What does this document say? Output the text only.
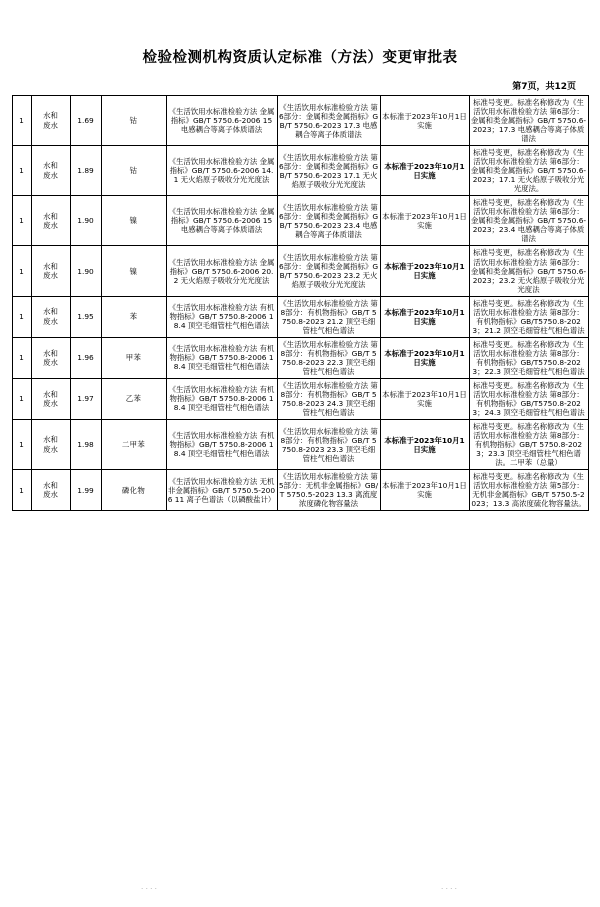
检验检测机构资质认定标准（方法）变更审批表
第7页，共12页
1	水和废水	1.69	钴	《生活饮用水标准检验方法 金属指标》GB/T 5750.6-2006 15 电感耦合等离子体质谱法	《生活饮用水标准检验方法 第6部分：金属和类金属指标》GB/T 5750.6-2023 17.3 电感耦合等离子体质谱法	本标准于2023年10月1日实施	标准号变更。标准名称修改为《生活饮用水标准检验方法 第6部分：金属和类金属指标》GB/T 5750.6-2023；17.3 电感耦合等离子体质谱法
1	水和废水	1.89	钴	《生活饮用水标准检验方法 金属指标》GB/T 5750.6-2006 14.1 无火焰原子吸收分光光度法	《生活饮用水标准检验方法 第6部分：金属和类金属指标》GB/T 5750.6-2023 17.1 无火焰原子吸收分光光度法	本标准于2023年10月1日实施	标准号变更，标准名称修改为《生活饮用水标准检验方法 第6部分：金属和类金属指标》GB/T 5750.6-2023；17.1 无火焰原子吸收分光光度法。
1	水和废水	1.90	镍	《生活饮用水标准检验方法 金属指标》GB/T 5750.6-2006 15 电感耦合等离子体质谱法	《生活饮用水标准检验方法 第6部分：金属和类金属指标》GB/T 5750.6-2023 23.4 电感耦合等离子体质谱法	本标准于2023年10月1日实施	标准号变更，标准名称修改为《生活饮用水标准检验方法 第6部分：金属和类金属指标》GB/T 5750.6-2023；23.4 电感耦合等离子体质谱法
1	水和废水	1.90	镍	《生活饮用水标准检验方法 金属指标》GB/T 5750.6-2006 20.2 无火焰原子吸收分光光度法	《生活饮用水标准检验方法 第6部分：金属和类金属指标》GB/T 5750.6-2023 23.2 无火焰原子吸收分光光度法	本标准于2023年10月1日实施	标准号变更，标准名称修改为《生活饮用水标准检验方法 第6部分：金属和类金属指标》GB/T 5750.6-2023；23.2 无火焰原子吸收分光光度法
1	水和废水	1.95	苯	《生活饮用水标准检验方法 有机物指标》GB/T 5750.8-2006 18.4 顶空毛细管柱气相色谱法	《生活饮用水标准检验方法 第8部分：有机物指标》GB/T 5750.8-2023 21.2 顶空毛细管柱气相色谱法	本标准于2023年10月1日实施	标准号变更。标准名称修改为《生活饮用水标准检验方法 第8部分：有机物指标》GB/T5750.8-2023；21.2 顶空毛细管柱气相色谱法
1	水和废水	1.96	甲苯	《生活饮用水标准检验方法 有机物指标》GB/T 5750.8-2006 18.4 顶空毛细管柱气相色谱法	《生活饮用水标准检验方法 第8部分：有机物指标》GB/T 5750.8-2023 22.3 顶空毛细管柱气相色谱法	本标准于2023年10月1日实施	标准号变更。标准名称修改为《生活饮用水标准检验方法 第8部分：有机物指标》GB/T5750.8-2023；22.3 顶空毛细管柱气相色谱法
1	水和废水	1.97	乙苯	《生活饮用水标准检验方法 有机物指标》GB/T 5750.8-2006 18.4 顶空毛细管柱气相色谱法	《生活饮用水标准检验方法 第8部分：有机物指标》GB/T 5750.8-2023 24.3 顶空毛细管柱气相色谱法	本标准于2023年10月1日实施	标准号变更。标准名称修改为《生活饮用水标准检验方法 第8部分：有机物指标》GB/T5750.8-2023；24.3 顶空毛细管柱气相色谱法
1	水和废水	1.98	二甲苯	《生活饮用水标准检验方法 有机物指标》GB/T 5750.8-2006 18.4 顶空毛细管柱气相色谱法	《生活饮用水标准检验方法 第8部分：有机物指标》GB/T 5750.8-2023 23.3 顶空毛细管柱气相色谱法	本标准于2023年10月1日实施	标准号变更。标准名称修改为《生活饮用水标准检验方法 第8部分：有机物指标》GB/T 5750.8-2023；23.3 顶空毛细管柱气相色谱法。二甲苯（总量）
1	水和废水	1.99	磷化物	《生活饮用水标准检验方法 无机非金属指标》GB/T 5750.5-2006 11 离子色谱法（以磷酸盐计）	《生活饮用水标准检验方法 第5部分：无机非金属指标》GB/T 5750.5-2023 13.3 离流度浓度磷化物容量法	本标准于2023年10月1日实施	标准号变更。标准名称修改为《生活饮用水标准检验方法 第5部分：无机非金属指标》GB/T 5750.5-2023；13.3 高浓度硫化物容量法。
....	....
